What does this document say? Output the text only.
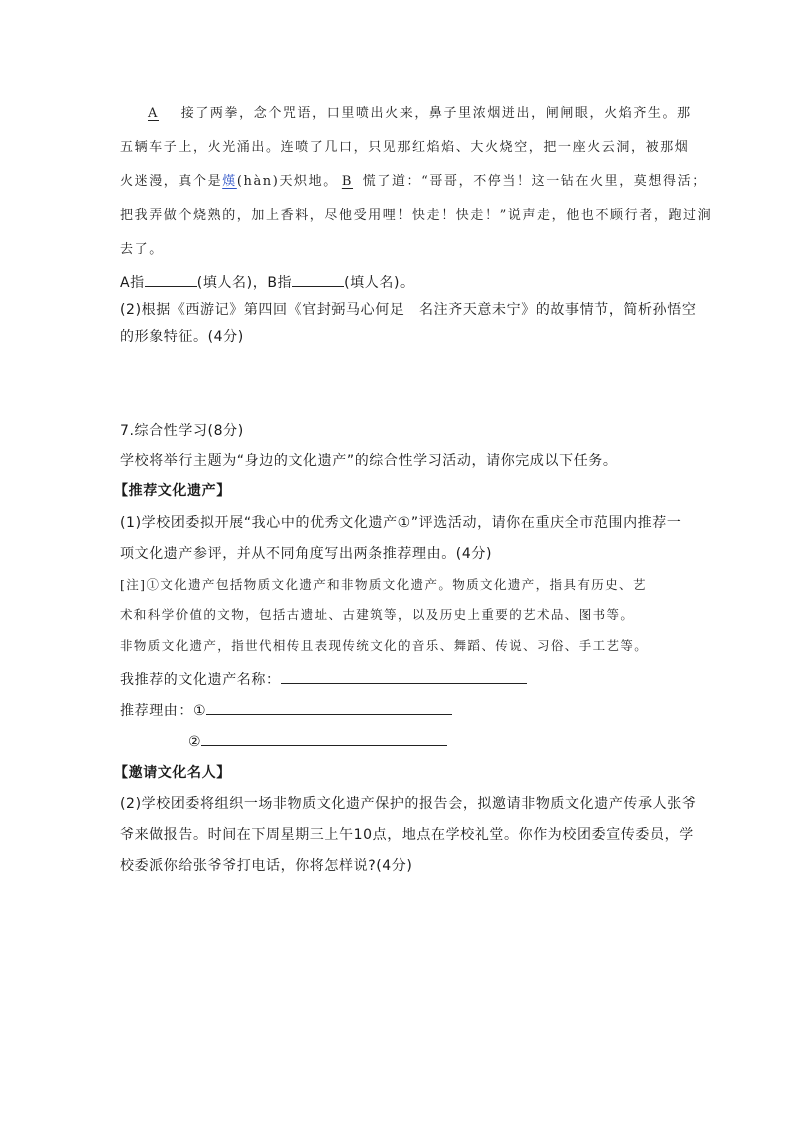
A 接了两拳，念个咒语，口里喷出火来，鼻子里浓烟迸出，闸闸眼，火焰齐生。那
五辆车子上，火光涌出。连喷了几口，只见那红焰焰、大火烧空，把一座火云洞，被那烟
火迷漫，真个是熯(hàn)天炽地。 B 慌了道：“哥哥，不停当！这一钻在火里，莫想得活；
把我弄做个烧熟的，加上香料，尽他受用哩！快走！快走！”说声走，他也不顾行者，跑过涧
去了。
A指	(填人名)，B指	(填人名)。
(2)根据《西游记》第四回《官封弼马心何足　名注齐天意未宁》的故事情节，简析孙悟空
的形象特征。(4分)
7.综合性学习(8分)
学校将举行主题为“身边的文化遗产”的综合性学习活动，请你完成以下任务。
【推荐文化遗产】
(1)学校团委拟开展“我心中的优秀文化遗产①”评选活动，请你在重庆全市范围内推荐一
项文化遗产参评，并从不同角度写出两条推荐理由。(4分)
[注]①文化遗产包括物质文化遗产和非物质文化遗产。物质文化遗产，指具有历史、艺
术和科学价值的文物，包括古遗址、古建筑等，以及历史上重要的艺术品、图书等。
非物质文化遗产，指世代相传且表现传统文化的音乐、舞蹈、传说、习俗、手工艺等。
我推荐的文化遗产名称：
推荐理由：①
②
【邀请文化名人】
(2)学校团委将组织一场非物质文化遗产保护的报告会，拟邀请非物质文化遗产传承人张爷
爷来做报告。时间在下周星期三上午10点，地点在学校礼堂。你作为校团委宣传委员，学
校委派你给张爷爷打电话，你将怎样说?(4分)
